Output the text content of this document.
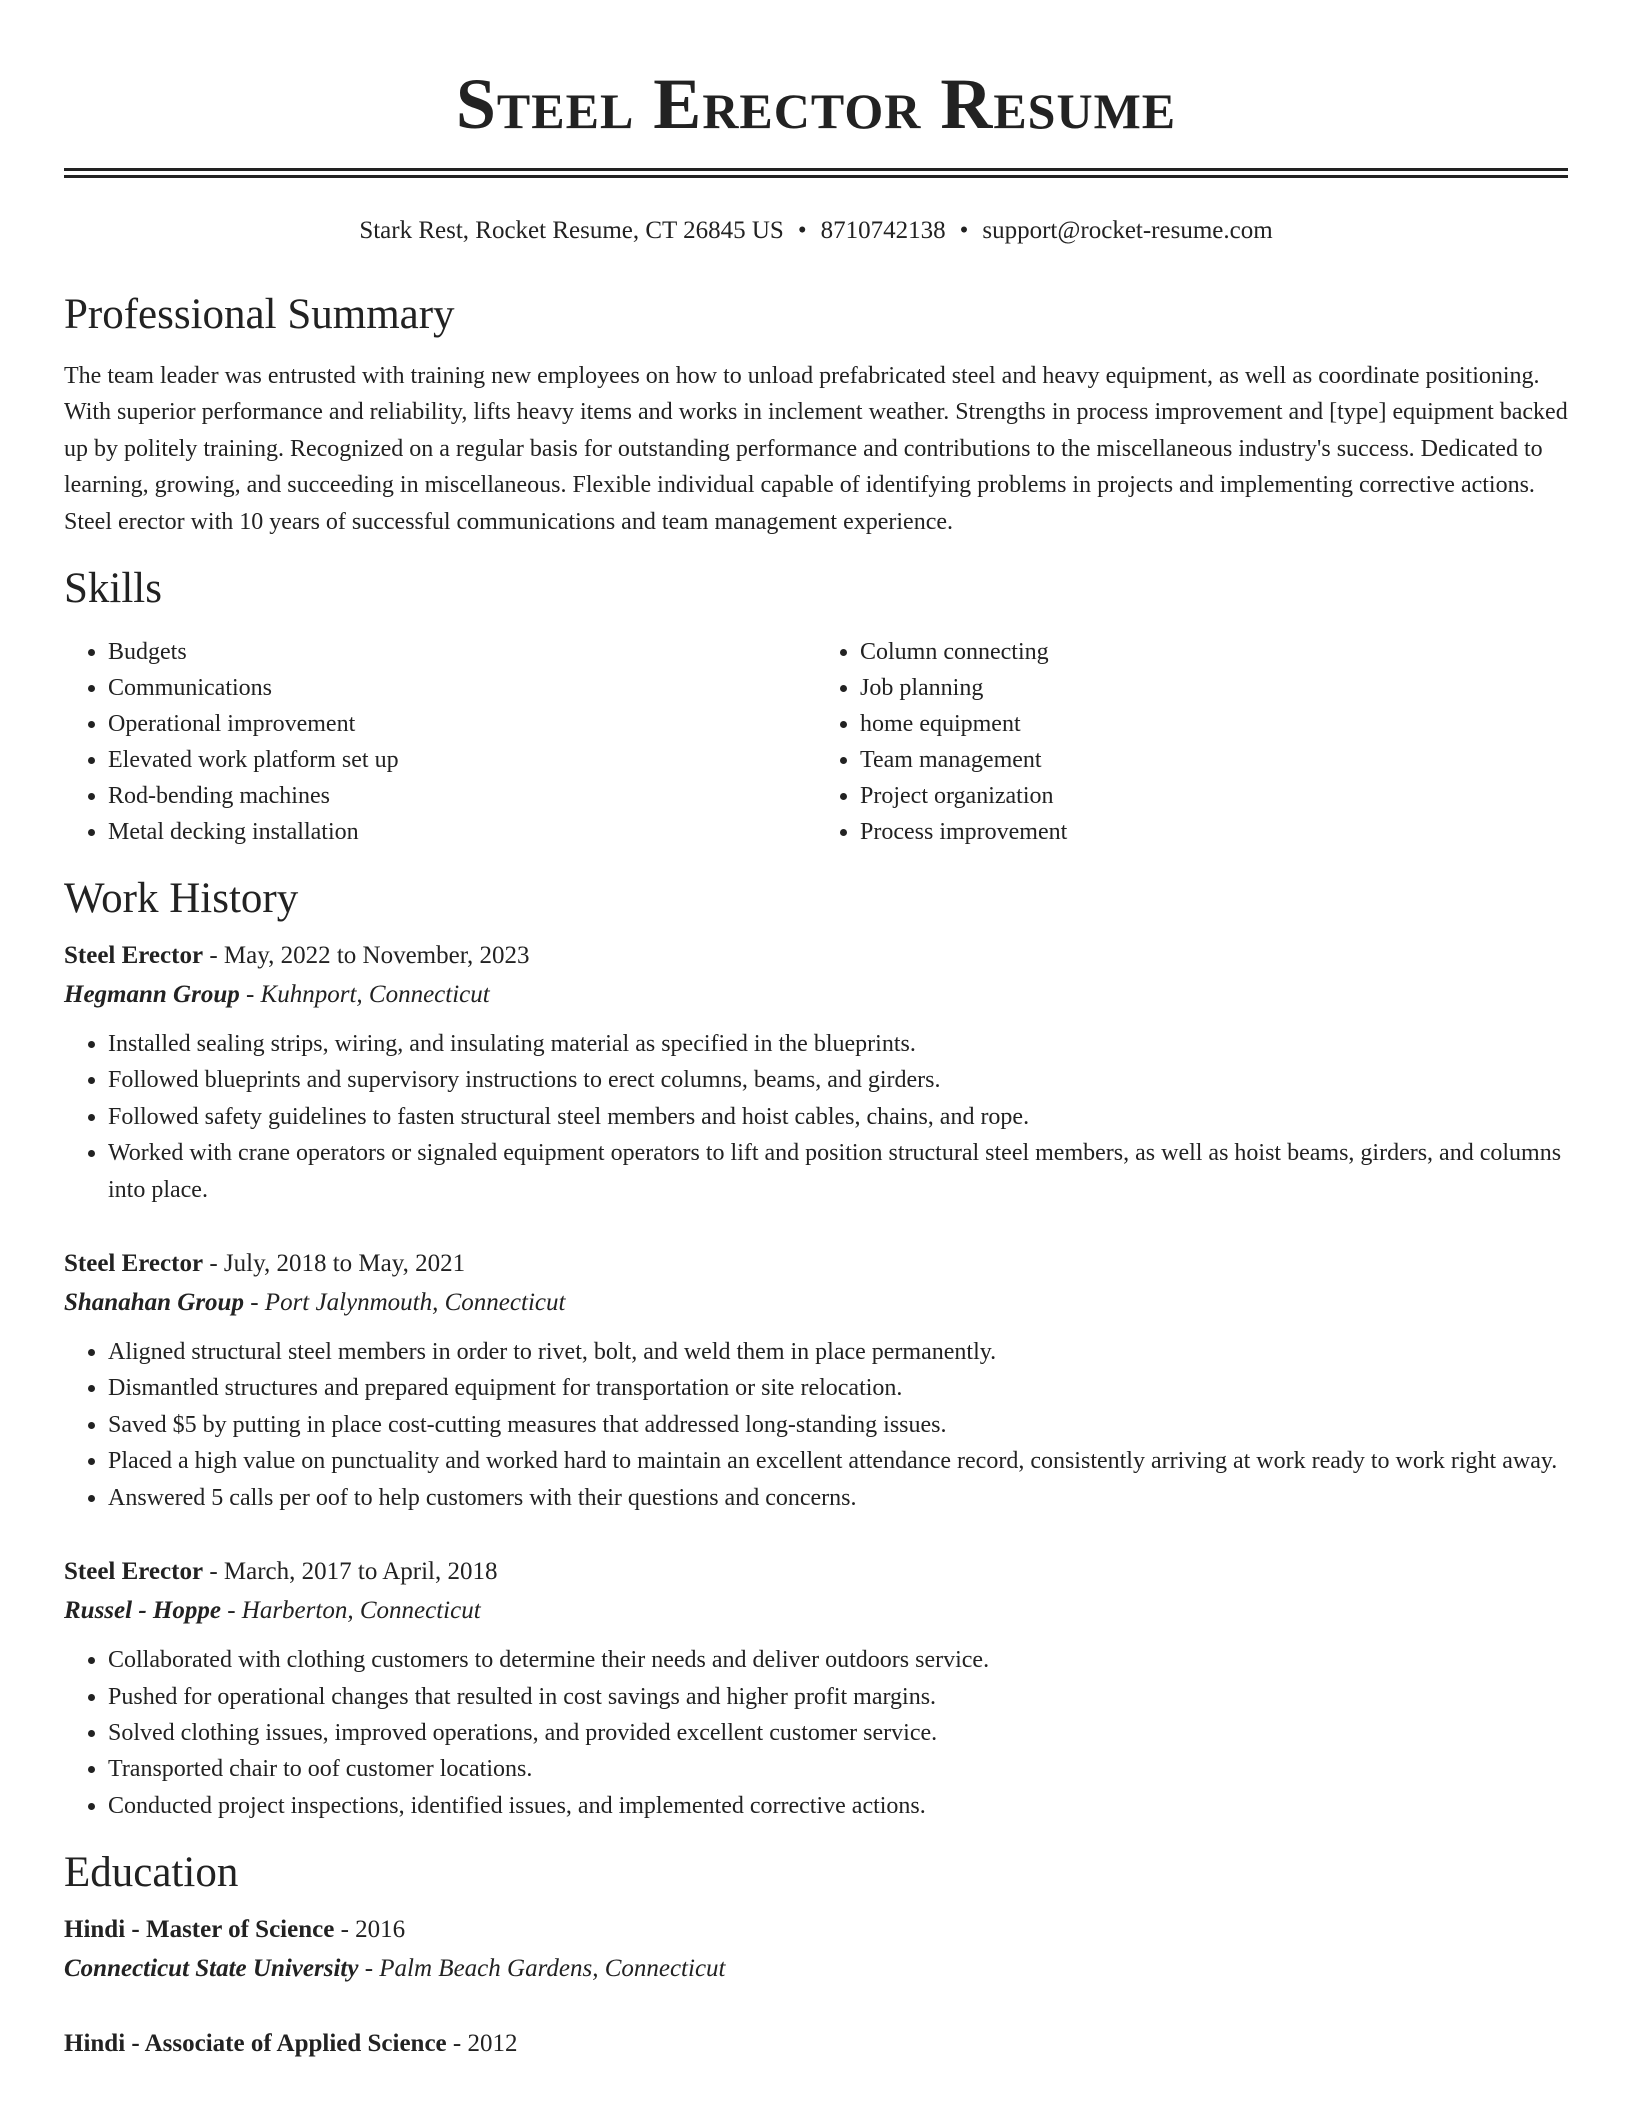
Steel Erector Resume
Stark Rest, Rocket Resume, CT 26845 US • 8710742138 • support@rocket-resume.com
Professional Summary

The team leader was entrusted with training new employees on how to unload prefabricated steel and heavy equipment, as well as coordinate positioning. With superior performance and reliability, lifts heavy items and works in inclement weather. Strengths in process improvement and [type] equipment backed up by politely training. Recognized on a regular basis for outstanding performance and contributions to the miscellaneous industry's success. Dedicated to learning, growing, and succeeding in miscellaneous. Flexible individual capable of identifying problems in projects and implementing corrective actions. Steel erector with 10 years of successful communications and team management experience.

Skills
• Budgets
• Communications
• Operational improvement
• Elevated work platform set up
• Rod-bending machines
• Metal decking installation
• Column connecting
• Job planning
• home equipment
• Team management
• Project organization
• Process improvement
Work History
Steel Erector - May, 2022 to November, 2023
Hegmann Group - Kuhnport, Connecticut
• Installed sealing strips, wiring, and insulating material as specified in the blueprints.
• Followed blueprints and supervisory instructions to erect columns, beams, and girders.
• Followed safety guidelines to fasten structural steel members and hoist cables, chains, and rope.
• Worked with crane operators or signaled equipment operators to lift and position structural steel members, as well as hoist beams, girders, and columns into place.
Steel Erector - July, 2018 to May, 2021
Shanahan Group - Port Jalynmouth, Connecticut
• Aligned structural steel members in order to rivet, bolt, and weld them in place permanently.
• Dismantled structures and prepared equipment for transportation or site relocation.
• Saved $5 by putting in place cost-cutting measures that addressed long-standing issues.
• Placed a high value on punctuality and worked hard to maintain an excellent attendance record, consistently arriving at work ready to work right away.
• Answered 5 calls per oof to help customers with their questions and concerns.
Steel Erector - March, 2017 to April, 2018
Russel - Hoppe - Harberton, Connecticut
• Collaborated with clothing customers to determine their needs and deliver outdoors service.
• Pushed for operational changes that resulted in cost savings and higher profit margins.
• Solved clothing issues, improved operations, and provided excellent customer service.
• Transported chair to oof customer locations.
• Conducted project inspections, identified issues, and implemented corrective actions.
Education
Hindi - Master of Science - 2016
Connecticut State University - Palm Beach Gardens, Connecticut
Hindi - Associate of Applied Science - 2012
